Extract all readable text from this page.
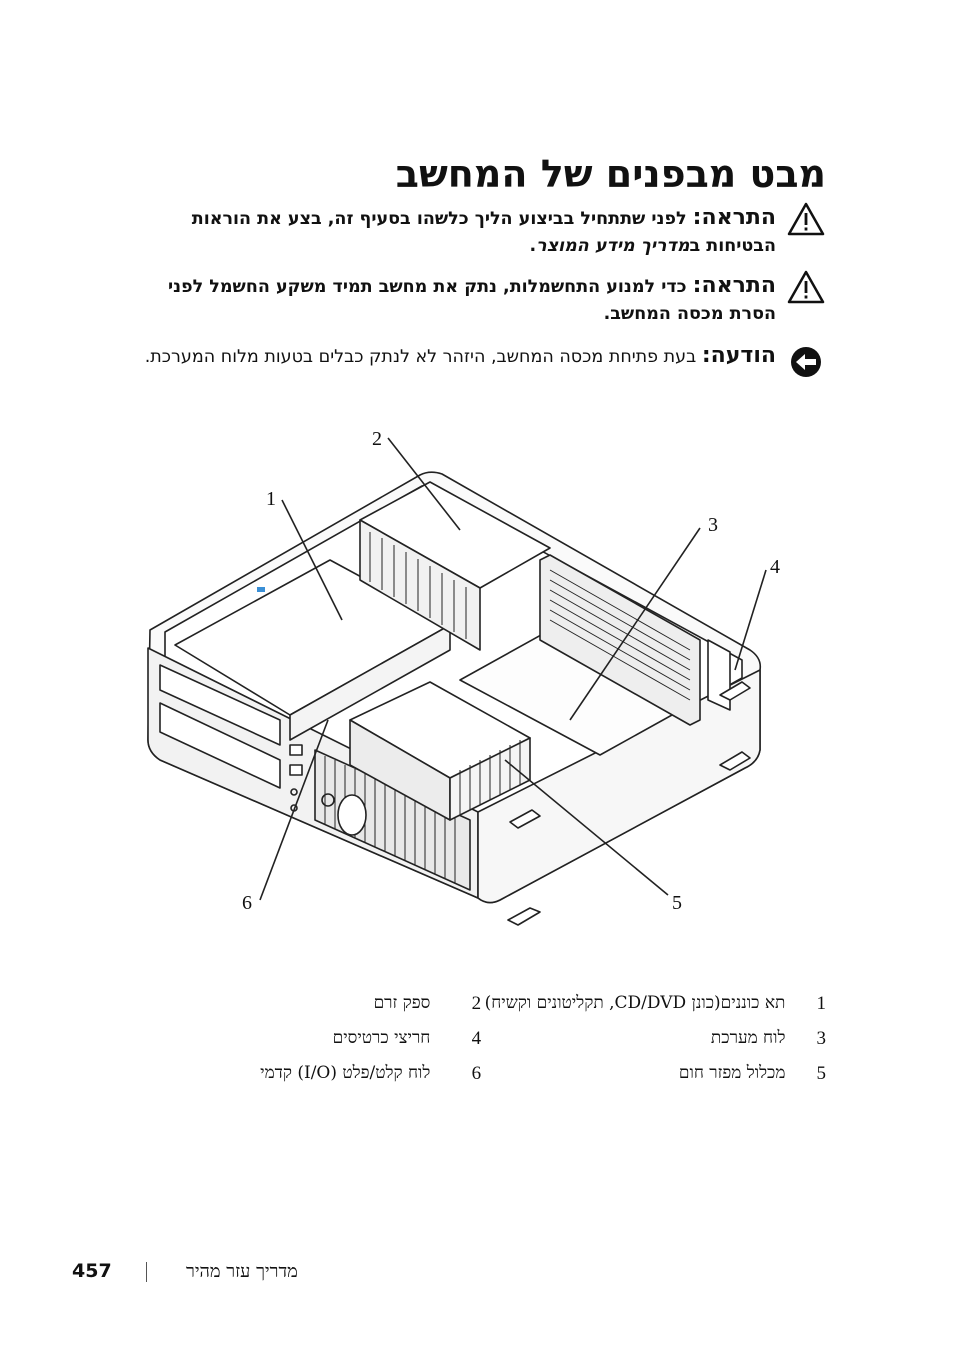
מבט מבפנים של המחשב
התראה: לפני שתתחיל בביצוע הליך כלשהו בסעיף זה, בצע את הוראות הבטיחות במדריך מידע המוצר.
התראה: כדי למנוע התחשמלות, נתק את מחשב תמיד משקע החשמל לפני הסרת מכסה המחשב.
הודעה: בעת פתיחת מכסה המחשב, היזהר לא לנתק כבלים בטעות מלוח המערכת.
1
2
3
4
5
6
1	תא כוננים(כונן CD/DVD, תקליטונים וקשיח)	2	ספק זרם
3	לוח מערכת	4	חריצי כרטיסים
5	מכלול מפזר חום	6	לוח קלט/פלט (I/O) קדמי
457	מדריך עזר מהיר
